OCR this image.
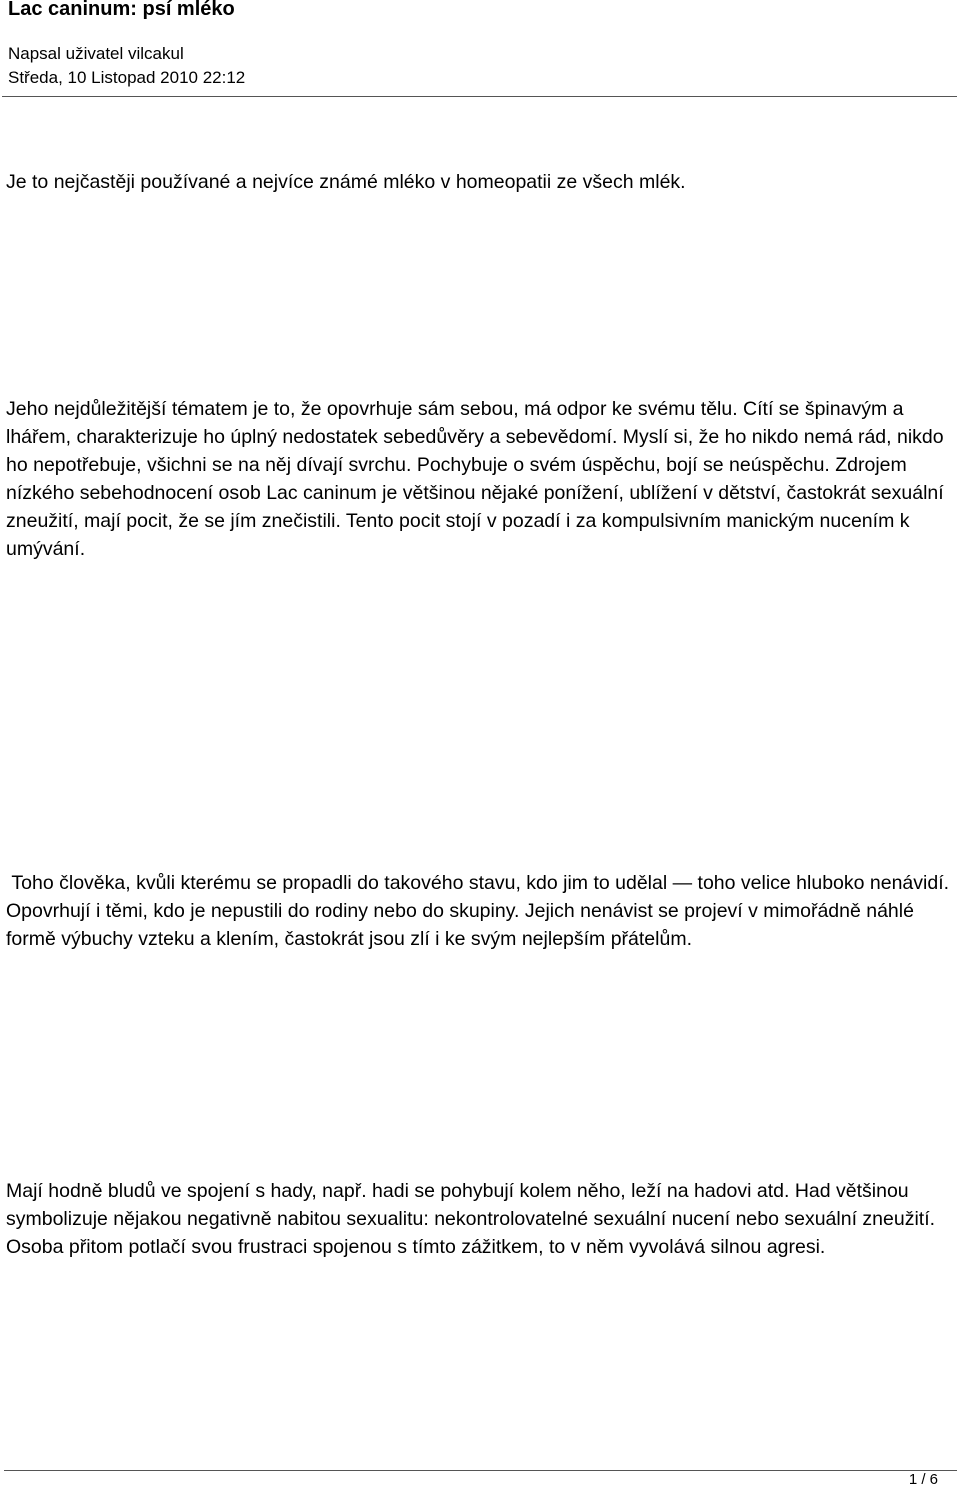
Lac caninum: psí mléko
Napsal uživatel vilcakul
Středa, 10 Listopad 2010 22:12

Je to nejčastěji používané a nejvíce známé mléko v homeopatii ze všech mlék.

Jeho nejdůležitější tématem je to, že opovrhuje sám sebou, má odpor ke svému tělu. Cítí se špinavým a lhářem, charakterizuje ho úplný nedostatek sebedůvěry a sebevědomí. Myslí si, že ho nikdo nemá rád, nikdo ho nepotřebuje, všichni se na něj dívají svrchu. Pochybuje o svém úspěchu, bojí se neúspěchu. Zdrojem nízkého sebehodnocení osob Lac caninum je většinou nějaké ponížení, ublížení v dětství, častokrát sexuální zneužití, mají pocit, že se jím znečistili. Tento pocit stojí v pozadí i za kompulsivním manickým nucením k umývání.

Toho člověka, kvůli kterému se propadli do takového stavu, kdo jim to udělal — toho velice hluboko nenávidí. Opovrhují i těmi, kdo je nepustili do rodiny nebo do skupiny. Jejich nenávist se projeví v mimořádně náhlé formě výbuchy vzteku a klením, častokrát jsou zlí i ke svým nejlepším přátelům.

Mají hodně bludů ve spojení s hady, např. hadi se pohybují kolem něho, leží na hadovi atd. Had většinou symbolizuje nějakou negativně nabitou sexualitu: nekontrolovatelné sexuální nucení nebo sexuální zneužití. Osoba přitom potlačí svou frustraci spojenou s tímto zážitkem, to v něm vyvolává silnou agresi.

1 / 6
